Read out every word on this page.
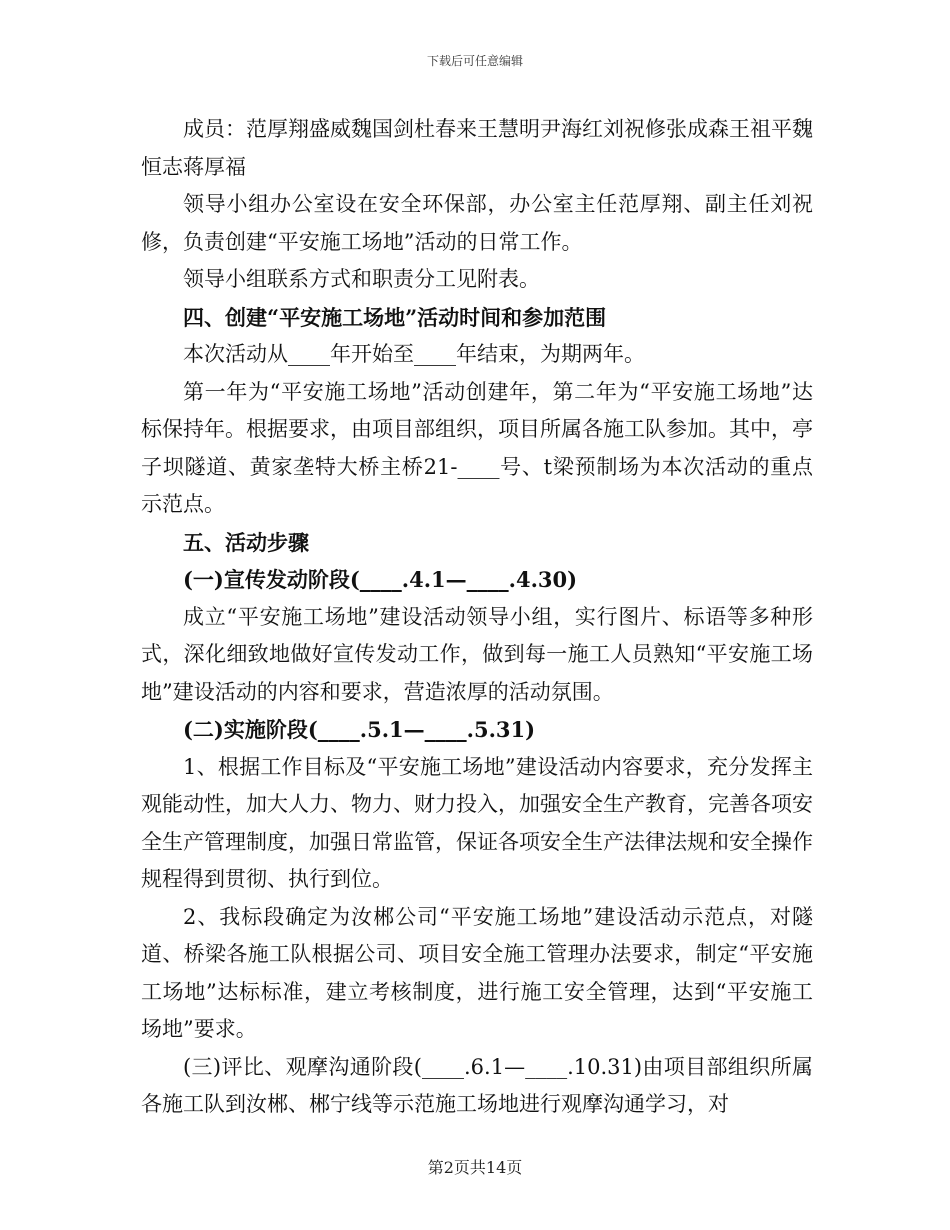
下载后可任意编辑

成员：范厚翔盛威魏国剑杜春来王慧明尹海红刘祝修张成森王祖平魏恒志蒋厚福

领导小组办公室设在安全环保部，办公室主任范厚翔、副主任刘祝修，负责创建“平安施工场地”活动的日常工作。

领导小组联系方式和职责分工见附表。

四、创建“平安施工场地”活动时间和参加范围

本次活动从____年开始至____年结束，为期两年。

第一年为“平安施工场地”活动创建年，第二年为“平安施工场地”达标保持年。根据要求，由项目部组织，项目所属各施工队参加。其中，亭子坝隧道、黄家垄特大桥主桥21-____号、t梁预制场为本次活动的重点示范点。

五、活动步骤

(一)宣传发动阶段(____.4.1—____.4.30)

成立“平安施工场地”建设活动领导小组，实行图片、标语等多种形式，深化细致地做好宣传发动工作，做到每一施工人员熟知“平安施工场地”建设活动的内容和要求，营造浓厚的活动氛围。

(二)实施阶段(____.5.1—____.5.31)

1、根据工作目标及“平安施工场地”建设活动内容要求，充分发挥主观能动性，加大人力、物力、财力投入，加强安全生产教育，完善各项安全生产管理制度，加强日常监管，保证各项安全生产法律法规和安全操作规程得到贯彻、执行到位。

2、我标段确定为汝郴公司“平安施工场地”建设活动示范点，对隧道、桥梁各施工队根据公司、项目安全施工管理办法要求，制定“平安施工场地”达标标准，建立考核制度，进行施工安全管理，达到“平安施工场地”要求。

(三)评比、观摩沟通阶段(____.6.1—____.10.31)由项目部组织所属各施工队到汝郴、郴宁线等示范施工场地进行观摩沟通学习，对

第2页共14页
